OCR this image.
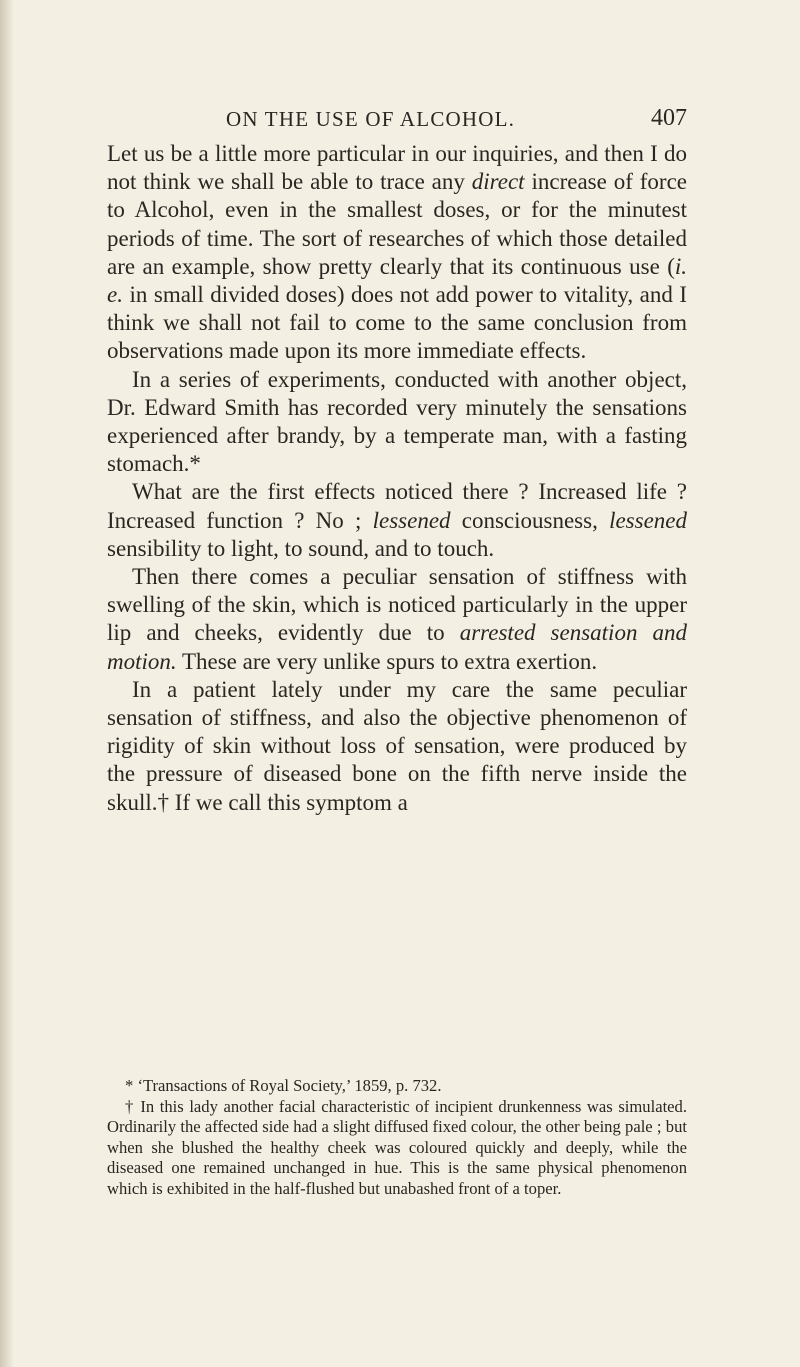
ON THE USE OF ALCOHOL.	407

Let us be a little more particular in our inquiries, and then I do not think we shall be able to trace any direct increase of force to Alcohol, even in the smallest doses, or for the minutest periods of time. The sort of researches of which those detailed are an example, show pretty clearly that its continuous use (i. e. in small divided doses) does not add power to vitality, and I think we shall not fail to come to the same conclusion from observations made upon its more immediate effects.

In a series of experiments, conducted with another object, Dr. Edward Smith has recorded very minutely the sensations experienced after brandy, by a temperate man, with a fasting stomach.*

What are the first effects noticed there ? Increased life ? Increased function ? No ; lessened consciousness, lessened sensibility to light, to sound, and to touch.

Then there comes a peculiar sensation of stiffness with swelling of the skin, which is noticed particularly in the upper lip and cheeks, evidently due to arrested sensation and motion. These are very unlike spurs to extra exertion.

In a patient lately under my care the same peculiar sensation of stiffness, and also the objective phenomenon of rigidity of skin without loss of sensation, were produced by the pressure of diseased bone on the fifth nerve inside the skull.† If we call this symptom a

* ‘Transactions of Royal Society,’ 1859, p. 732.

† In this lady another facial characteristic of incipient drunkenness was simulated. Ordinarily the affected side had a slight diffused fixed colour, the other being pale ; but when she blushed the healthy cheek was coloured quickly and deeply, while the diseased one remained unchanged in hue. This is the same physical phenomenon which is exhibited in the half-flushed but unabashed front of a toper.
